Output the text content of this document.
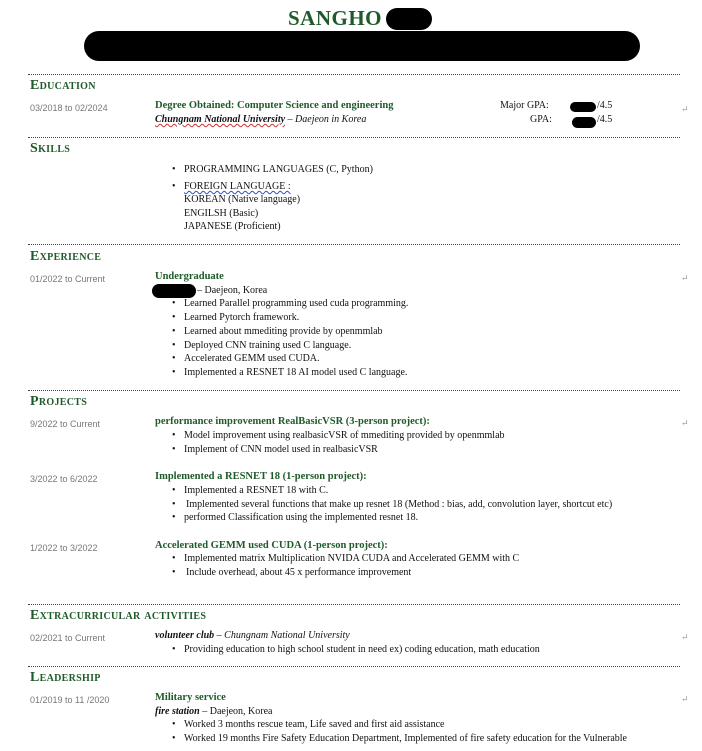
SANGHO
Education
03/2018 to 02/2024	Degree Obtained: Computer Science and engineering
Chungnam National University – Daejeon in Korea
Major GPA:	/4.5
GPA:	/4.5
Skills
• PROGRAMMING LANGUAGES (C, Python)
• FOREIGN LANGUAGE :
KOREAN (Native language)
ENGILSH (Basic)
JAPANESE (Proficient)
Experience
01/2022 to Current	Undergraduate
– Daejeon, Korea
• Learned Parallel programming used cuda programming.
• Learned Pytorch framework.
• Learned about mmediting provide by openmmlab
• Deployed CNN training used C language.
• Accelerated GEMM used CUDA.
• Implemented a RESNET 18 AI model used C language.
Projects
9/2022 to Current	performance improvement RealBasicVSR (3-person project):
• Model improvement using realbasicVSR of mmediting provided by openmmlab
• Implement of CNN model used in realbasicVSR
3/2022 to 6/2022	Implemented a RESNET 18 (1-person project):
• Implemented a RESNET 18 with C.
• Implemented several functions that make up resnet 18 (Method : bias, add, convolution layer, shortcut etc)
• performed Classification using the implemented resnet 18.
1/2022 to 3/2022	Accelerated GEMM used CUDA (1-person project):
• Implemented matrix Multiplication NVIDA CUDA and Accelerated GEMM with C
• Include overhead, about 45 x performance improvement
Extracurricular activities
02/2021 to Current	volunteer club – Chungnam National University
• Providing education to high school student in need ex) coding education, math education
Leadership
01/2019 to 11 /2020	Military service
fire station – Daejeon, Korea
• Worked 3 months rescue team, Life saved and first aid assistance
• Worked 19 months Fire Safety Education Department, Implemented of fire safety education for the Vulnerable
↵
↵
↵
↵
↵
